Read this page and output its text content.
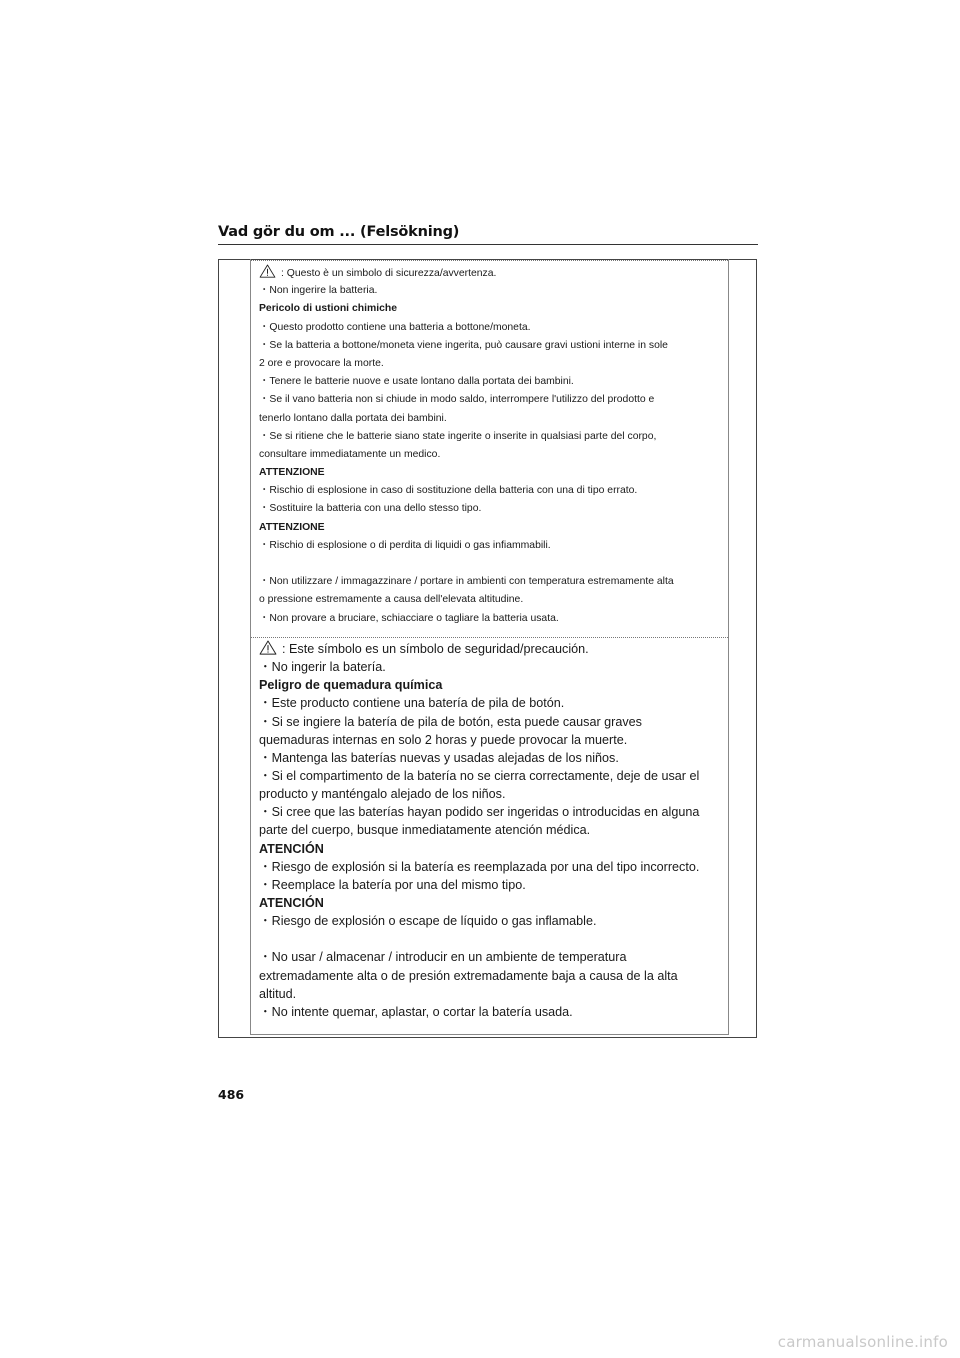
Vad gör du om ... (Felsökning)
: Questo è un simbolo di sicurezza/avvertenza.
・Non ingerire la batteria.
Pericolo di ustioni chimiche
・Questo prodotto contiene una batteria a bottone/moneta.
・Se la batteria a bottone/moneta viene ingerita, può causare gravi ustioni interne in sole
2 ore e provocare la morte.
・Tenere le batterie nuove e usate lontano dalla portata dei bambini.
・Se il vano batteria non si chiude in modo saldo, interrompere l'utilizzo del prodotto e
tenerlo lontano dalla portata dei bambini.
・Se si ritiene che le batterie siano state ingerite o inserite in qualsiasi parte del corpo,
consultare immediatamente un medico.
ATTENZIONE
・Rischio di esplosione in caso di sostituzione della batteria con una di tipo errato.
・Sostituire la batteria con una dello stesso tipo.
ATTENZIONE
・Rischio di esplosione o di perdita di liquidi o gas infiammabili.
・Non utilizzare / immagazzinare / portare in ambienti con temperatura estremamente alta
o pressione estremamente a causa dell'elevata altitudine.
・Non provare a bruciare, schiacciare o tagliare la batteria usata.
: Este símbolo es un símbolo de seguridad/precaución.
・No ingerir la batería.
Peligro de quemadura química
・Este producto contiene una batería de pila de botón.
・Si se ingiere la batería de pila de botón, esta puede causar graves
quemaduras internas en solo 2 horas y puede provocar la muerte.
・Mantenga las baterías nuevas y usadas alejadas de los niños.
・Si el compartimento de la batería no se cierra correctamente, deje de usar el
producto y manténgalo alejado de los niños.
・Si cree que las baterías hayan podido ser ingeridas o introducidas en alguna
parte del cuerpo, busque inmediatamente atención médica.
ATENCIÓN
・Riesgo de explosión si la batería es reemplazada por una del tipo incorrecto.
・Reemplace la batería por una del mismo tipo.
ATENCIÓN
・Riesgo de explosión o escape de líquido o gas inflamable.
・No usar / almacenar / introducir en un ambiente de temperatura
extremadamente alta o de presión extremadamente baja a causa de la alta
altitud.
・No intente quemar, aplastar, o cortar la batería usada.
486
carmanualsonline.info
